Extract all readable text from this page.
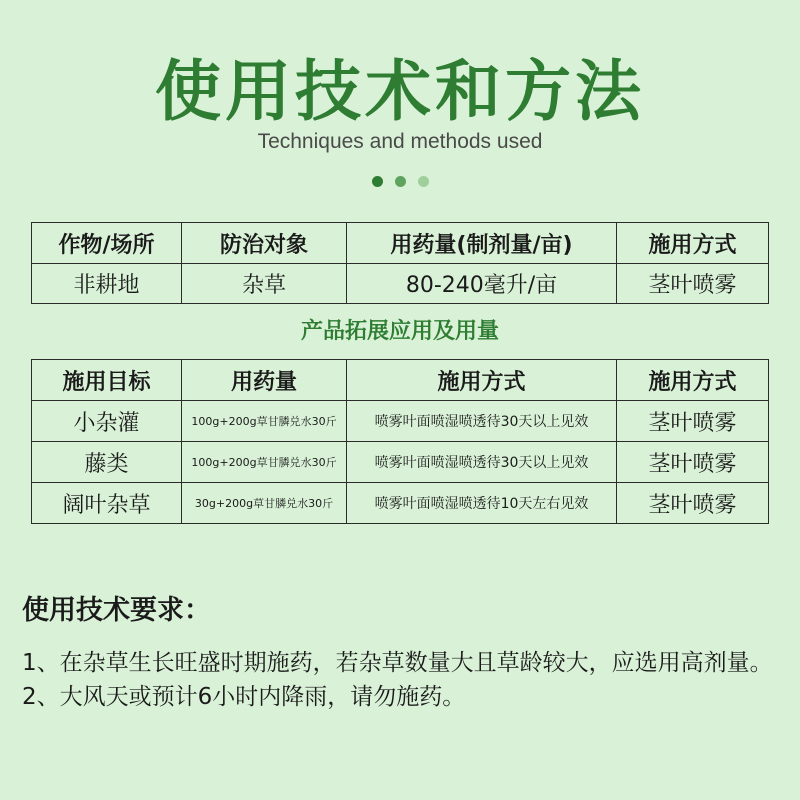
使用技术和方法
Techniques and methods used
作物/场所	防治对象	用药量(制剂量/亩)	施用方式
非耕地	杂草	80-240毫升/亩	茎叶喷雾
产品拓展应用及用量
施用目标	用药量	施用方式	施用方式
小杂灌	100g+200g草甘膦兑水30斤	喷雾叶面喷湿喷透待30天以上见效	茎叶喷雾
藤类	100g+200g草甘膦兑水30斤	喷雾叶面喷湿喷透待30天以上见效	茎叶喷雾
阔叶杂草	30g+200g草甘膦兑水30斤	喷雾叶面喷湿喷透待10天左右见效	茎叶喷雾
使用技术要求：
1、在杂草生长旺盛时期施药，若杂草数量大且草龄较大，应选用高剂量。
2、大风天或预计6小时内降雨，请勿施药。
